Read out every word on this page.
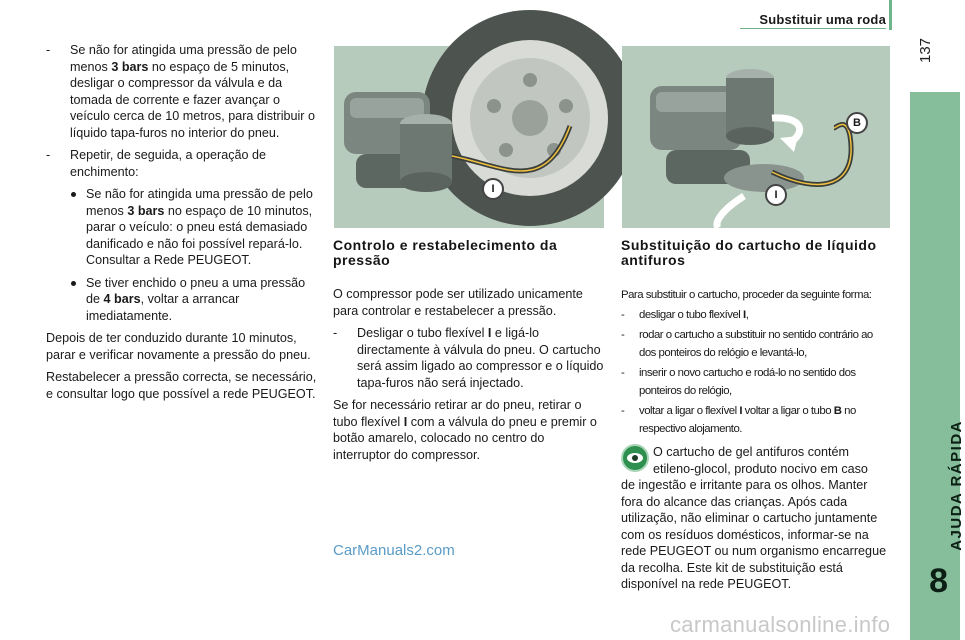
Substituir uma roda
137
AJUDA RÁPIDA
8
- Se não for atingida uma pressão de pelo menos 3 bars no espaço de 5 minutos, desligar o compressor da válvula e da tomada de corrente e fazer avançar o veículo cerca de 10 metros, para distribuir o líquido tapa-furos no interior do pneu.
- Repetir, de seguida, a operação de enchimento:
Se não for atingida uma pressão de pelo menos 3 bars no espaço de 10 minutos, parar o veículo: o pneu está demasiado danificado e não foi possível repará-lo. Consultar a Rede PEUGEOT.
Se tiver enchido o pneu a uma pressão de 4 bars, voltar a arrancar imediatamente.

Depois de ter conduzido durante 10 minutos, parar e verificar novamente a pressão do pneu.

Restabelecer a pressão correcta, se necessário, e consultar logo que possível a rede PEUGEOT.

I	I
B
Controlo e restabelecimento da pressão

O compressor pode ser utilizado unicamente para controlar e restabelecer a pressão.

- Desligar o tubo flexível I e ligá-lo directamente à válvula do pneu. O cartucho será assim ligado ao compressor e o líquido tapa-furos não será injectado.

Se for necessário retirar ar do pneu, retirar o tubo flexível I com a válvula do pneu e premir o botão amarelo, colocado no centro do interruptor do compressor.

Substituição do cartucho de líquido antifuros

Para substituir o cartucho, proceder da seguinte forma:

- desligar o tubo flexível I,
- rodar o cartucho a substituir no sentido contrário ao dos ponteiros do relógio e levantá-lo,
- inserir o novo cartucho e rodá-lo no sentido dos ponteiros do relógio,
- voltar a ligar o flexível I voltar a ligar o tubo B no respectivo alojamento.
O cartucho de gel antifuros contém etileno-glocol, produto nocivo em caso
de ingestão e irritante para os olhos. Manter fora do alcance das crianças. Após cada utilização, não eliminar o cartucho juntamente com os resíduos domésticos, informar-se na rede PEUGEOT ou num organismo encarregue da recolha. Este kit de substituição está disponível na rede PEUGEOT.
CarManuals2.com
carmanualsonline.info
